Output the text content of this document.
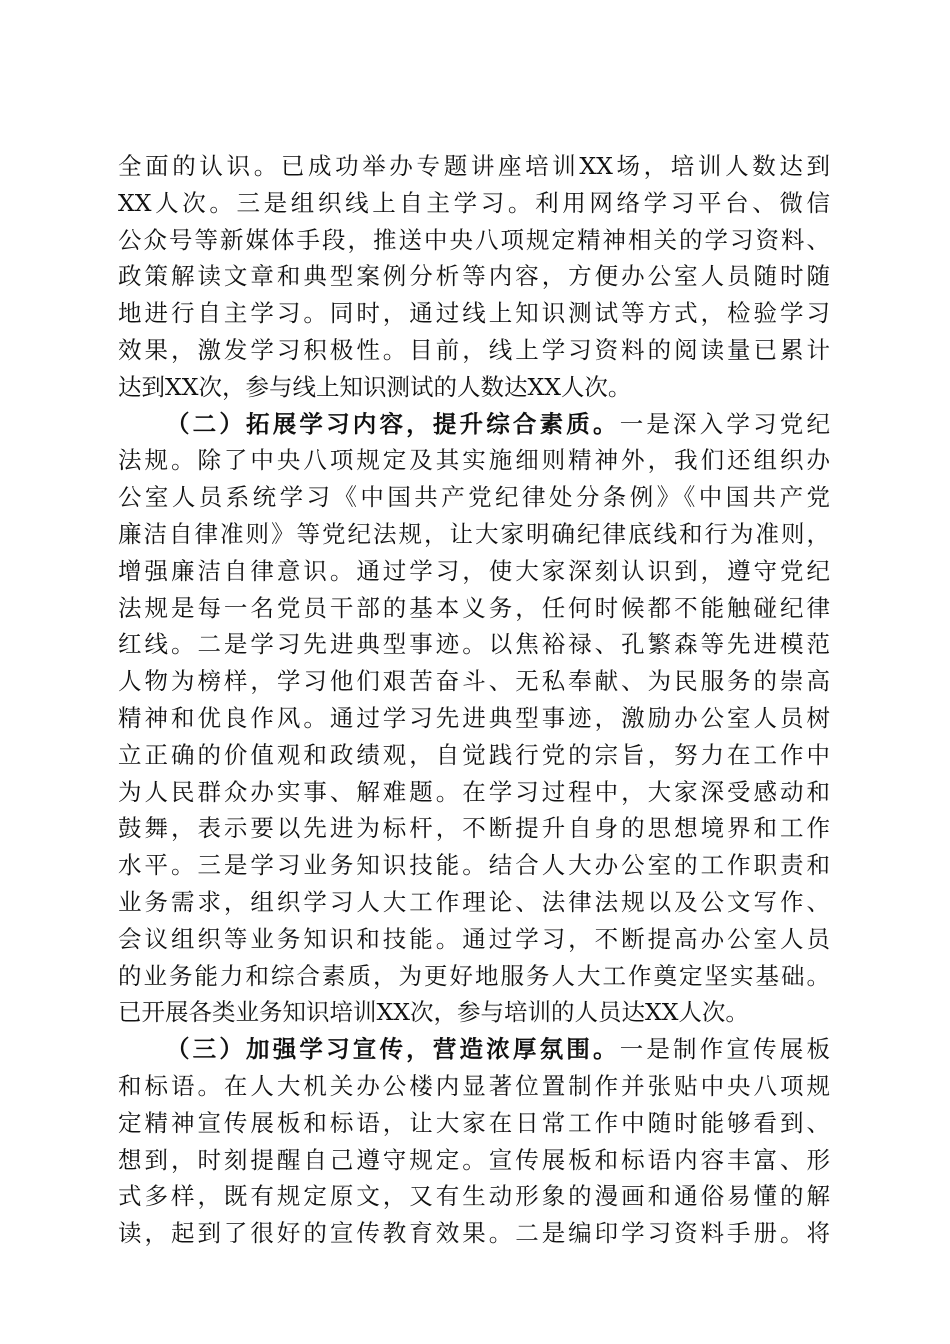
全面的认识。已成功举办专题讲座培训XX场，培训人数达到
XX人次。三是组织线上自主学习。利用网络学习平台、微信
公众号等新媒体手段，推送中央八项规定精神相关的学习资料、
政策解读文章和典型案例分析等内容，方便办公室人员随时随
地进行自主学习。同时，通过线上知识测试等方式，检验学习
效果，激发学习积极性。目前，线上学习资料的阅读量已累计
达到XX次，参与线上知识测试的人数达XX人次。
（二）拓展学习内容，提升综合素质。一是深入学习党纪
法规。除了中央八项规定及其实施细则精神外，我们还组织办
公室人员系统学习《中国共产党纪律处分条例》《中国共产党
廉洁自律准则》等党纪法规，让大家明确纪律底线和行为准则，
增强廉洁自律意识。通过学习，使大家深刻认识到，遵守党纪
法规是每一名党员干部的基本义务，任何时候都不能触碰纪律
红线。二是学习先进典型事迹。以焦裕禄、孔繁森等先进模范
人物为榜样，学习他们艰苦奋斗、无私奉献、为民服务的崇高
精神和优良作风。通过学习先进典型事迹，激励办公室人员树
立正确的价值观和政绩观，自觉践行党的宗旨，努力在工作中
为人民群众办实事、解难题。在学习过程中，大家深受感动和
鼓舞，表示要以先进为标杆，不断提升自身的思想境界和工作
水平。三是学习业务知识技能。结合人大办公室的工作职责和
业务需求，组织学习人大工作理论、法律法规以及公文写作、
会议组织等业务知识和技能。通过学习，不断提高办公室人员
的业务能力和综合素质，为更好地服务人大工作奠定坚实基础。
已开展各类业务知识培训XX次，参与培训的人员达XX人次。
（三）加强学习宣传，营造浓厚氛围。一是制作宣传展板
和标语。在人大机关办公楼内显著位置制作并张贴中央八项规
定精神宣传展板和标语，让大家在日常工作中随时能够看到、
想到，时刻提醒自己遵守规定。宣传展板和标语内容丰富、形
式多样，既有规定原文，又有生动形象的漫画和通俗易懂的解
读，起到了很好的宣传教育效果。二是编印学习资料手册。将
